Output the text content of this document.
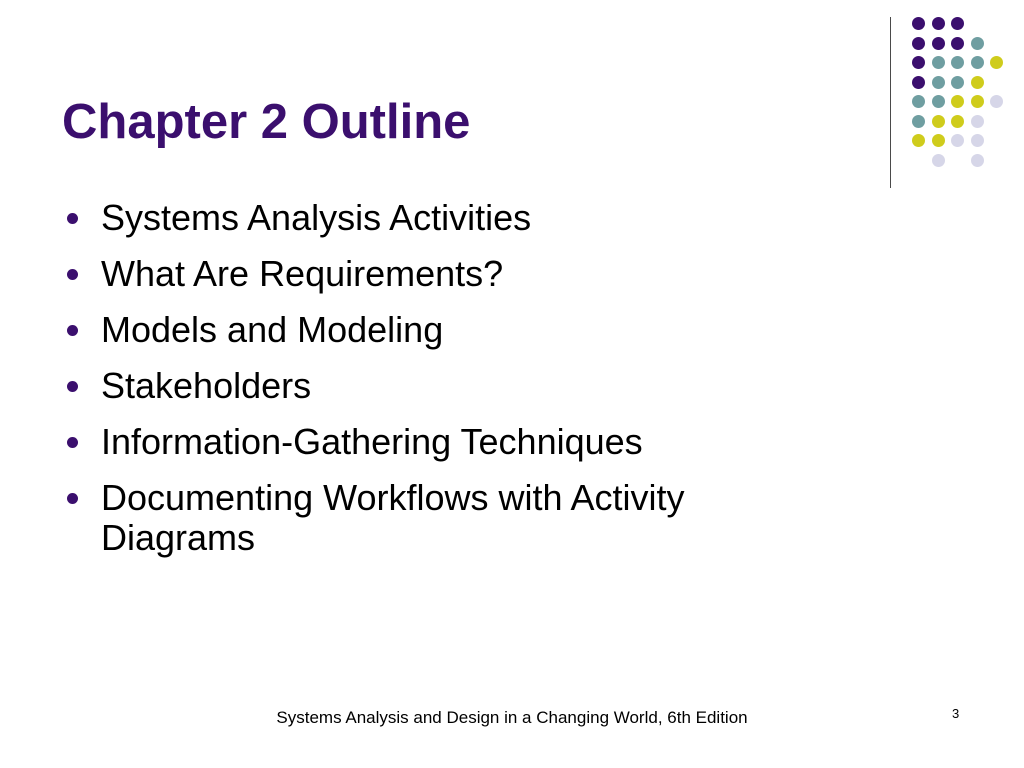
Chapter 2 Outline
Systems Analysis Activities
What Are Requirements?
Models and Modeling
Stakeholders
Information-Gathering Techniques
Documenting Workflows with Activity Diagrams
Systems Analysis and Design in a Changing World, 6th Edition	3
